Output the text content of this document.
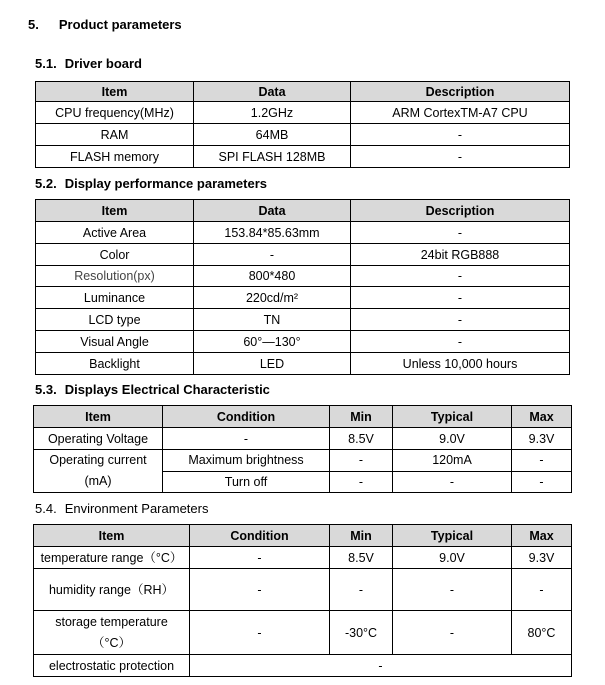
5. Product parameters
5.1. Driver board
Item	Data	Description
CPU frequency(MHz)	1.2GHz	ARM CortexTM-A7 CPU
RAM	64MB	-
FLASH memory	SPI FLASH 128MB	-
5.2. Display performance parameters
Item	Data	Description
Active Area	153.84*85.63mm	-
Color	-	24bit RGB888
Resolution(px)	800*480	-
Luminance	220cd/m²	-
LCD type	TN	-
Visual Angle	60°—130°	-
Backlight	LED	Unless 10,000 hours
5.3. Displays Electrical Characteristic
Item	Condition	Min	Typical	Max
Operating Voltage	-	8.5V	9.0V	9.3V

Operating current
(mA)	Maximum brightness	-	120mA	-
	Turn off	-	-	-
5.4. Environment Parameters
Item	Condition	Min	Typical	Max
temperature range（°C）	-	8.5V	9.0V	9.3V
humidity range（RH）	-	-	-	-

storage temperature
（°C）	-	-30°C	-	80°C
electrostatic protection	-			
